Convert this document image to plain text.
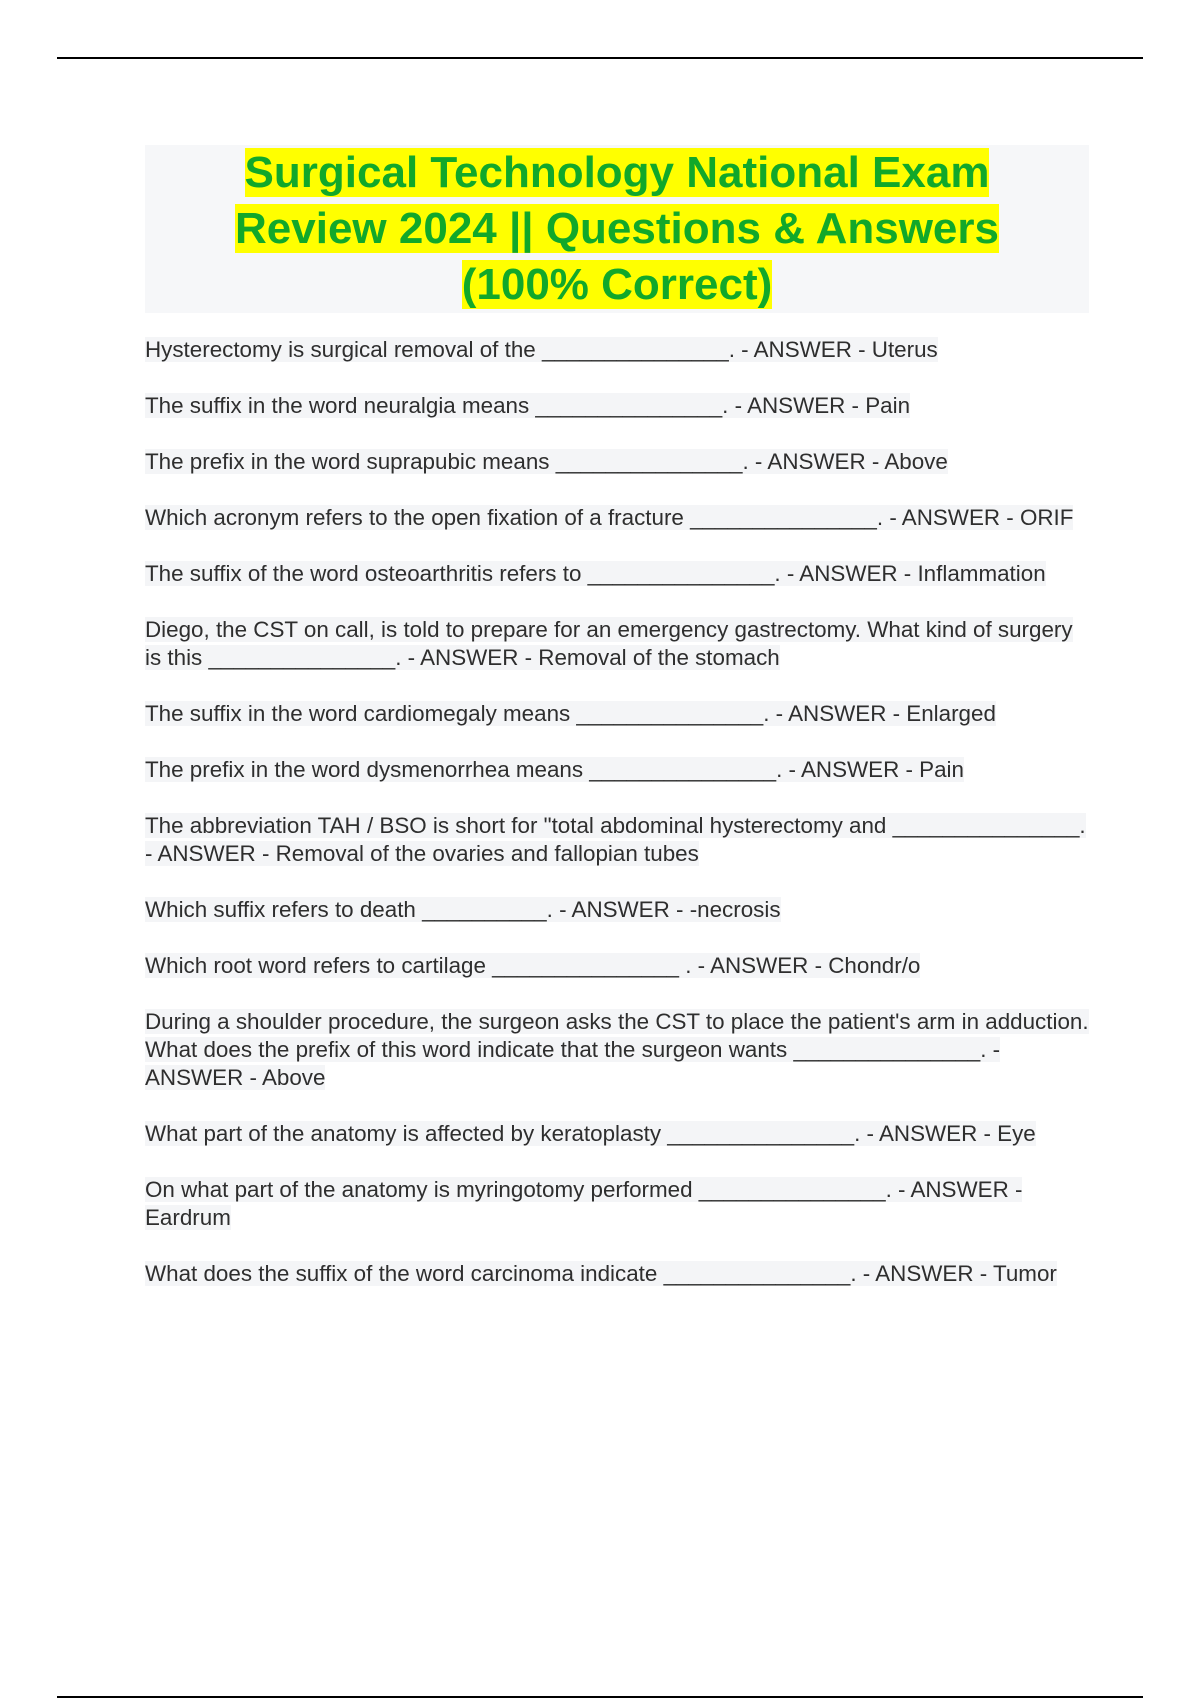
Surgical Technology National Exam Review 2024 || Questions & Answers (100% Correct)
Hysterectomy is surgical removal of the _______________. - ANSWER - Uterus
The suffix in the word neuralgia means _______________. - ANSWER - Pain
The prefix in the word suprapubic means _______________. - ANSWER - Above
Which acronym refers to the open fixation of a fracture _______________. - ANSWER - ORIF
The suffix of the word osteoarthritis refers to _______________. - ANSWER - Inflammation
Diego, the CST on call, is told to prepare for an emergency gastrectomy. What kind of surgery is this _______________. - ANSWER - Removal of the stomach
The suffix in the word cardiomegaly means _______________. - ANSWER - Enlarged
The prefix in the word dysmenorrhea means _______________. - ANSWER - Pain
The abbreviation TAH / BSO is short for "total abdominal hysterectomy and _______________. - ANSWER - Removal of the ovaries and fallopian tubes
Which suffix refers to death __________. - ANSWER - -necrosis
Which root word refers to cartilage _______________ . - ANSWER - Chondr/o
During a shoulder procedure, the surgeon asks the CST to place the patient's arm in adduction. What does the prefix of this word indicate that the surgeon wants _______________. - ANSWER - Above
What part of the anatomy is affected by keratoplasty _______________. - ANSWER - Eye
On what part of the anatomy is myringotomy performed _______________. - ANSWER - Eardrum
What does the suffix of the word carcinoma indicate _______________. - ANSWER - Tumor
